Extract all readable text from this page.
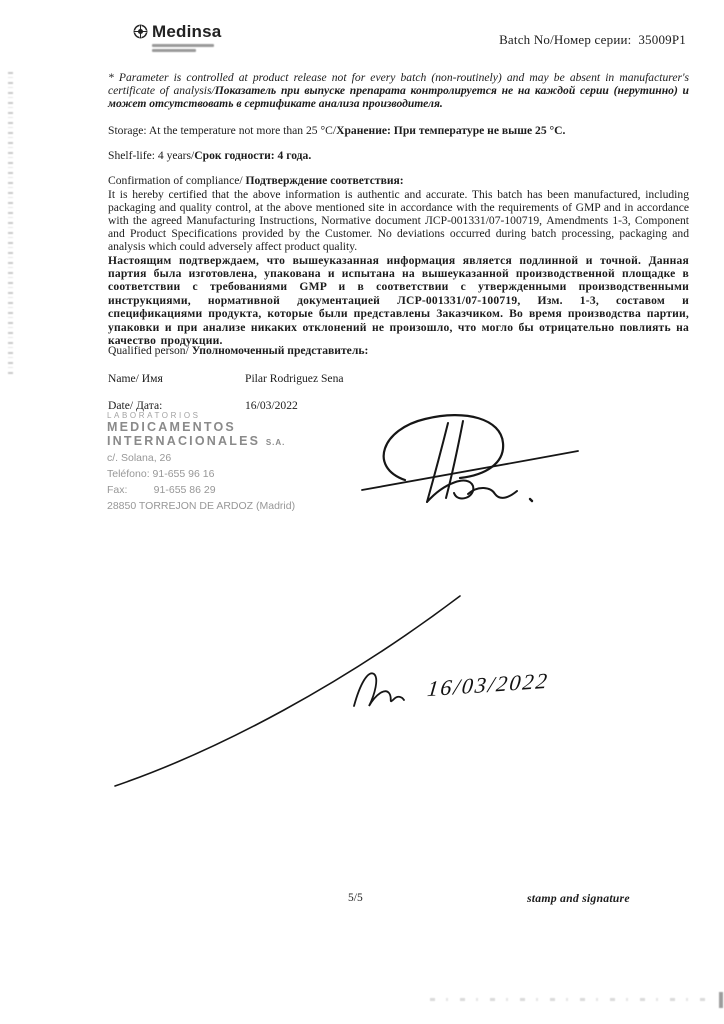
Medinsa	Batch No/Номер серии: 35009P1

* Parameter is controlled at product release not for every batch (non-routinely) and may be absent in manufacturer's certificate of analysis/Показатель при выпуске препарата контролируется не на каждой серии (нерутинно) и может отсутствовать в сертификате анализа производителя.

Storage: At the temperature not more than 25 °C/Хранение: При температуре не выше 25 °C.

Shelf-life: 4 years/Срок годности: 4 года.

Confirmation of compliance/ Подтверждение соответствия:

It is hereby certified that the above information is authentic and accurate. This batch has been manufactured, including packaging and quality control, at the above mentioned site in accordance with the requirements of GMP and in accordance with the agreed Manufacturing Instructions, Normative document ЛСР-001331/07-100719, Amendments 1-3, Component and Product Specifications provided by the Customer. No deviations occurred during batch processing, packaging and analysis which could adversely affect product quality.

Настоящим подтверждаем, что вышеуказанная информация является подлинной и точной. Данная партия была изготовлена, упакована и испытана на вышеуказанной производственной площадке в соответствии с требованиями GMP и в соответствии с утвержденными производственными инструкциями, нормативной документацией ЛСР-001331/07-100719, Изм. 1-3, составом и спецификациями продукта, которые были представлены Заказчиком. Во время производства партии, упаковки и при анализе никаких отклонений не произошло, что могло бы отрицательно повлиять на качество продукции.

Qualified person/ Уполномоченный представитель:

Name/ Имя	Pilar Rodriguez Sena

Date/ Дата:	16/03/2022

LABORATORIOS
MEDICAMENTOS
INTERNACIONALES S.A.
c/. Solana, 26
Teléfono: 91-655 96 16
Fax:         91-655 86 29
28850 TORREJON DE ARDOZ (Madrid)
16/03/2022
5/5	stamp and signature
